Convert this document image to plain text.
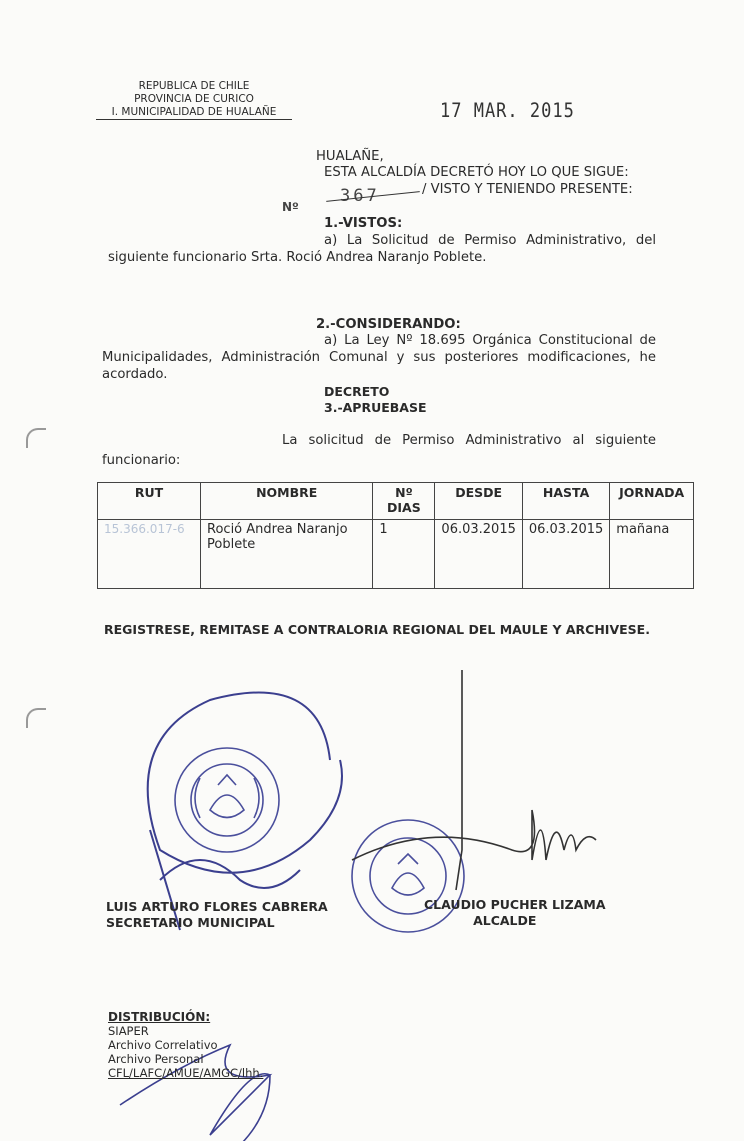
REPUBLICA DE CHILE
PROVINCIA DE CURICO
I. MUNICIPALIDAD DE HUALAÑE	17 MAR. 2015
HUALAÑE,
ESTA ALCALDÍA DECRETÓ HOY LO QUE SIGUE:
Nº
367	/ VISTO Y TENIENDO PRESENTE:
1.-VISTOS:
a) La Solicitud de Permiso Administrativo, del
siguiente funcionario Srta. Roció Andrea Naranjo Poblete.
2.-CONSIDERANDO:
a) La Ley Nº 18.695 Orgánica Constitucional de
Municipalidades, Administración Comunal y sus posteriores modificaciones, he
acordado.
DECRETO
3.-APRUEBASE
La solicitud de Permiso Administrativo al siguiente
funcionario:
RUT	NOMBRE	Nº DIAS	DESDE	HASTA	JORNADA
15.366.017-6	Roció Andrea Naranjo Poblete	1	06.03.2015	06.03.2015	mañana
REGISTRESE, REMITASE A CONTRALORIA REGIONAL DEL MAULE Y ARCHIVESE.
LUIS ARTURO FLORES CABRERA
SECRETARIO MUNICIPAL
CLAUDIO PUCHER LIZAMA
ALCALDE
DISTRIBUCIÓN:
SIAPER
Archivo Correlativo
Archivo Personal
CFL/LAFC/AMUE/AMGC/lhh.
